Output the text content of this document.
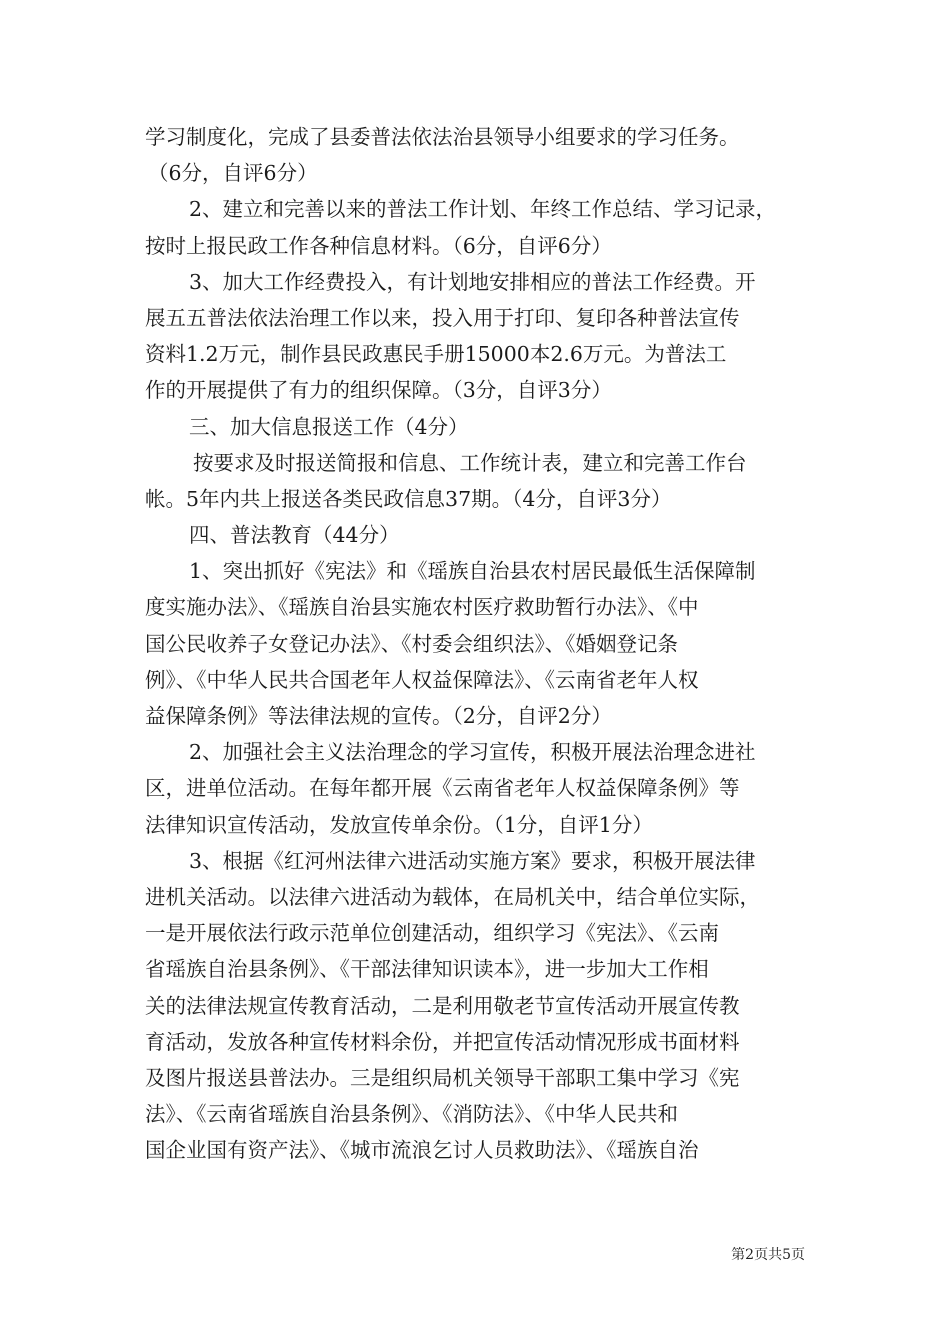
学习制度化，完成了县委普法依法治县领导小组要求的学习任务。
（6分，自评6分）
2、建立和完善以来的普法工作计划、年终工作总结、学习记录，
按时上报民政工作各种信息材料。（6分，自评6分）
3、加大工作经费投入，有计划地安排相应的普法工作经费。开
展五五普法依法治理工作以来，投入用于打印、复印各种普法宣传
资料1.2万元，制作县民政惠民手册15000本2.6万元。为普法工
作的开展提供了有力的组织保障。（3分，自评3分）
三、加大信息报送工作（4分）
按要求及时报送简报和信息、工作统计表，建立和完善工作台
帐。5年内共上报送各类民政信息37期。（4分，自评3分）
四、普法教育（44分）
1、突出抓好《宪法》和《瑶族自治县农村居民最低生活保障制
度实施办法》、《瑶族自治县实施农村医疗救助暂行办法》、《中
国公民收养子女登记办法》、《村委会组织法》、《婚姻登记条
例》、《中华人民共合国老年人权益保障法》、《云南省老年人权
益保障条例》等法律法规的宣传。（2分，自评2分）
2、加强社会主义法治理念的学习宣传，积极开展法治理念进社
区，进单位活动。在每年都开展《云南省老年人权益保障条例》等
法律知识宣传活动，发放宣传单余份。（1分，自评1分）
3、根据《红河州法律六进活动实施方案》要求，积极开展法律
进机关活动。以法律六进活动为载体，在局机关中，结合单位实际，
一是开展依法行政示范单位创建活动，组织学习《宪法》、《云南
省瑶族自治县条例》、《干部法律知识读本》，进一步加大工作相
关的法律法规宣传教育活动，二是利用敬老节宣传活动开展宣传教
育活动，发放各种宣传材料余份，并把宣传活动情况形成书面材料
及图片报送县普法办。三是组织局机关领导干部职工集中学习《宪
法》、《云南省瑶族自治县条例》、《消防法》、《中华人民共和
国企业国有资产法》、《城市流浪乞讨人员救助法》、《瑶族自治
第2页共5页
